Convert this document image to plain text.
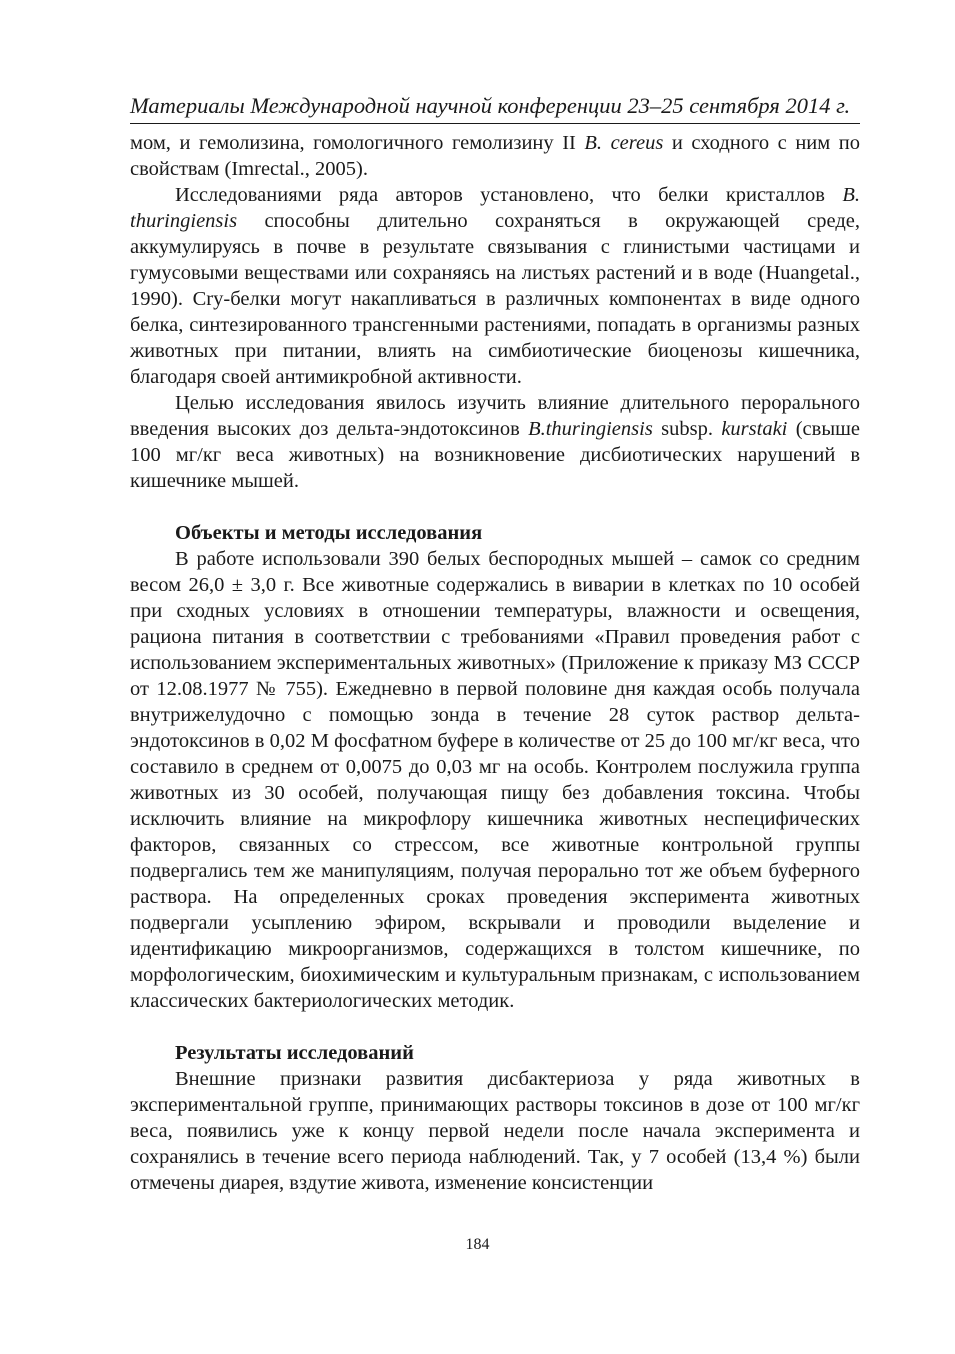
Материалы Международной научной конференции 23–25 сентября 2014 г.

мом, и гемолизина, гомологичного гемолизину II B. cereus и сходного с ним по свойствам (Imrectal., 2005).

Исследованиями ряда авторов установлено, что белки кристаллов B. thuringiensis способны длительно сохраняться в окружающей среде, аккумулируясь в почве в результате связывания с глинистыми частицами и гумусовыми веществами или сохраняясь на листьях растений и в воде (Huangetal., 1990). Cry-белки могут накапливаться в различных компонентах в виде одного белка, синтезированного трансгенными растениями, попадать в организмы разных животных при питании, влиять на симбиотические биоценозы кишечника, благодаря своей антимикробной активности.

Целью исследования явилось изучить влияние длительного перорального введения высоких доз дельта-эндотоксинов B.thuringiensis subsp. kurstaki (свыше 100 мг/кг веса животных) на возникновение дисбиотических нарушений в кишечнике мышей.

Объекты и методы исследования

В работе использовали 390 белых беспородных мышей – самок со средним весом 26,0 ± 3,0 г. Все животные содержались в виварии в клетках по 10 особей при сходных условиях в отношении температуры, влажности и освещения, рациона питания в соответствии с требованиями «Правил проведения работ с использованием экспериментальных животных» (Приложение к приказу МЗ СССР от 12.08.1977 № 755). Ежедневно в первой половине дня каждая особь получала внутрижелудочно с помощью зонда в течение 28 суток раствор дельта-эндотоксинов в 0,02 М фосфатном буфере в количестве от 25 до 100 мг/кг веса, что составило в среднем от 0,0075 до 0,03 мг на особь. Контролем послужила группа животных из 30 особей, получающая пищу без добавления токсина. Чтобы исключить влияние на микрофлору кишечника животных неспецифических факторов, связанных со стрессом, все животные контрольной группы подвергались тем же манипуляциям, получая перорально тот же объем буферного раствора. На определенных сроках проведения эксперимента животных подвергали усыплению эфиром, вскрывали и проводили выделение и идентификацию микроорганизмов, содержащихся в толстом кишечнике, по морфологическим, биохимическим и культуральным признакам, с использованием классических бактериологических методик.

Результаты исследований

Внешние признаки развития дисбактериоза у ряда животных в экспериментальной группе, принимающих растворы токсинов в дозе от 100 мг/кг веса, появились уже к концу первой недели после начала эксперимента и сохранялись в течение всего периода наблюдений. Так, у 7 особей (13,4 %) были отмечены диарея, вздутие живота, изменение консистенции

184
